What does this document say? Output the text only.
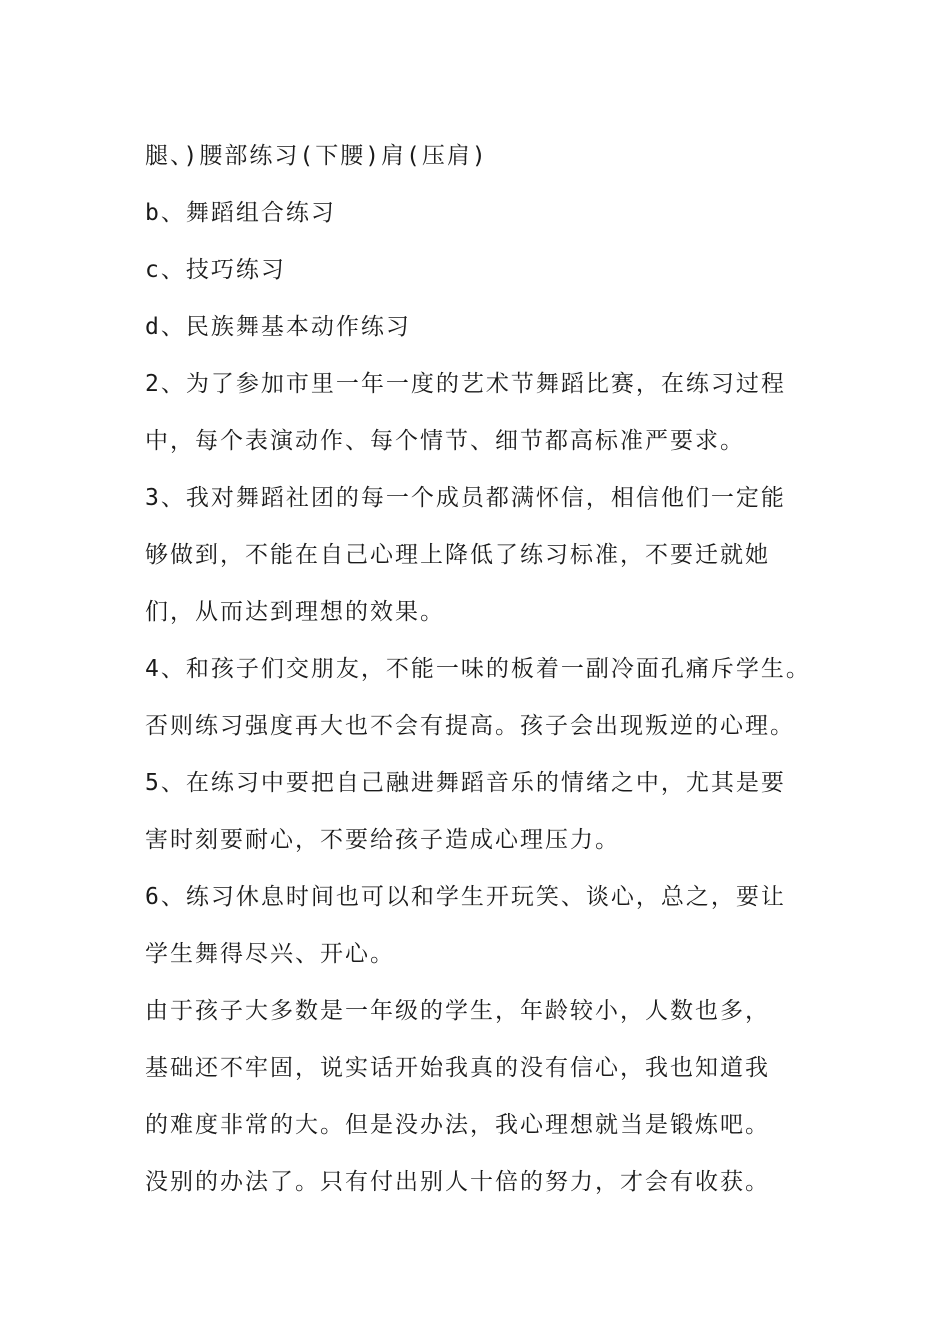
腿、)腰部练习(下腰)肩(压肩)
b、舞蹈组合练习
c、技巧练习
d、民族舞基本动作练习
2、为了参加市里一年一度的艺术节舞蹈比赛，在练习过程
中，每个表演动作、每个情节、细节都高标准严要求。
3、我对舞蹈社团的每一个成员都满怀信，相信他们一定能
够做到，不能在自己心理上降低了练习标准，不要迁就她
们，从而达到理想的效果。
4、和孩子们交朋友，不能一味的板着一副冷面孔痛斥学生。
否则练习强度再大也不会有提高。孩子会出现叛逆的心理。
5、在练习中要把自己融进舞蹈音乐的情绪之中，尤其是要
害时刻要耐心，不要给孩子造成心理压力。
6、练习休息时间也可以和学生开玩笑、谈心，总之，要让
学生舞得尽兴、开心。
由于孩子大多数是一年级的学生，年龄较小，人数也多，
基础还不牢固，说实话开始我真的没有信心，我也知道我
的难度非常的大。但是没办法，我心理想就当是锻炼吧。
没别的办法了。只有付出别人十倍的努力，才会有收获。
